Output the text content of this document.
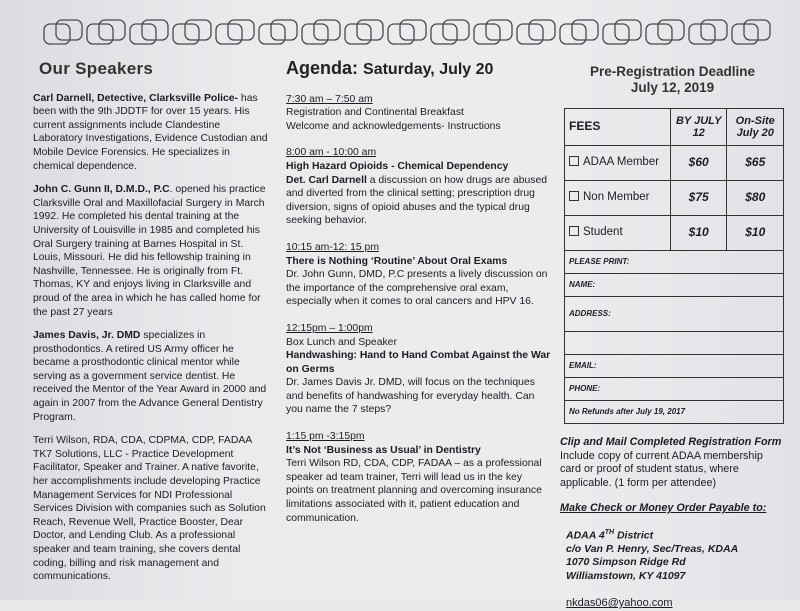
Our Speakers

Carl Darnell, Detective, Clarksville Police- has been with the 9th JDDTF for over 15 years. His current assignments include Clandestine Laboratory Investigations, Evidence Custodian and Mobile Device Forensics. He specializes in chemical dependence.

John C. Gunn II, D.M.D., P.C. opened his practice Clarksville Oral and Maxillofacial Surgery in March 1992. He completed his dental training at the University of Louisville in 1985 and completed his Oral Surgery training at Barnes Hospital in St. Louis, Missouri. He did his fellowship training in Nashville, Tennessee. He is originally from Ft. Thomas, KY and enjoys living in Clarksville and proud of the area in which he has called home for the past 27 years

James Davis, Jr. DMD specializes in prosthodontics. A retired US Army officer he became a prosthodontic clinical mentor while serving as a government service dentist. He received the Mentor of the Year Award in 2000 and again in 2007 from the Advance General Dentistry Program.

Terri Wilson, RDA, CDA, CDPMA, CDP, FADAA TK7 Solutions, LLC - Practice Development Facilitator, Speaker and Trainer. A native favorite, her accomplishments include developing Practice Management Services for NDI Professional Services Division with companies such as Solution Reach, Revenue Well, Practice Booster, Dear Doctor, and Lending Club. As a professional speaker and team training, she covers dental coding, billing and risk management and communications.

Agenda: Saturday, July 20
7:30 am – 7:50 am
Registration and Continental Breakfast
Welcome and acknowledgements- Instructions
8:00 am - 10:00 am
High Hazard Opioids - Chemical Dependency
Det. Carl Darnell a discussion on how drugs are abused and diverted from the clinical setting; prescription drug diversion, signs of opioid abuses and the typical drug seeking behavior.
10:15 am-12: 15 pm
There is Nothing ‘Routine’ About Oral Exams
Dr. John Gunn, DMD, P.C presents a lively discussion on the importance of the comprehensive oral exam, especially when it comes to oral cancers and HPV 16.
12:15pm – 1:00pm
Box Lunch and Speaker
Handwashing: Hand to Hand Combat Against the War on Germs
Dr. James Davis Jr. DMD, will focus on the techniques and benefits of handwashing for everyday health. Can you name the 7 steps?
1:15 pm -3:15pm
It’s Not ‘Business as Usual’ in Dentistry
Terri Wilson RD, CDA, CDP, FADAA – as a professional speaker ad team trainer, Terri will lead us in the key points on treatment planning and overcoming insurance limitations associated with it, patient education and communication.
Pre-Registration Deadline
July 12, 2019
FEES	BY JULY 12	On-Site July 20
ADAA Member	$60	$65
Non Member	$75	$80
Student	$10	$10
PLEASE PRINT:		
NAME:		
ADDRESS:		

EMAIL:		
PHONE:		
No Refunds after July 19, 2017		
Clip and Mail Completed Registration Form
Include copy of current ADAA membership card or proof of student status, where applicable. (1 form per attendee)
Make Check or Money Order Payable to:
ADAA 4TH District
c/o Van P. Henry, Sec/Treas, KDAA
1070 Simpson Ridge Rd
Williamstown, KY 41097
nkdas06@yahoo.com
